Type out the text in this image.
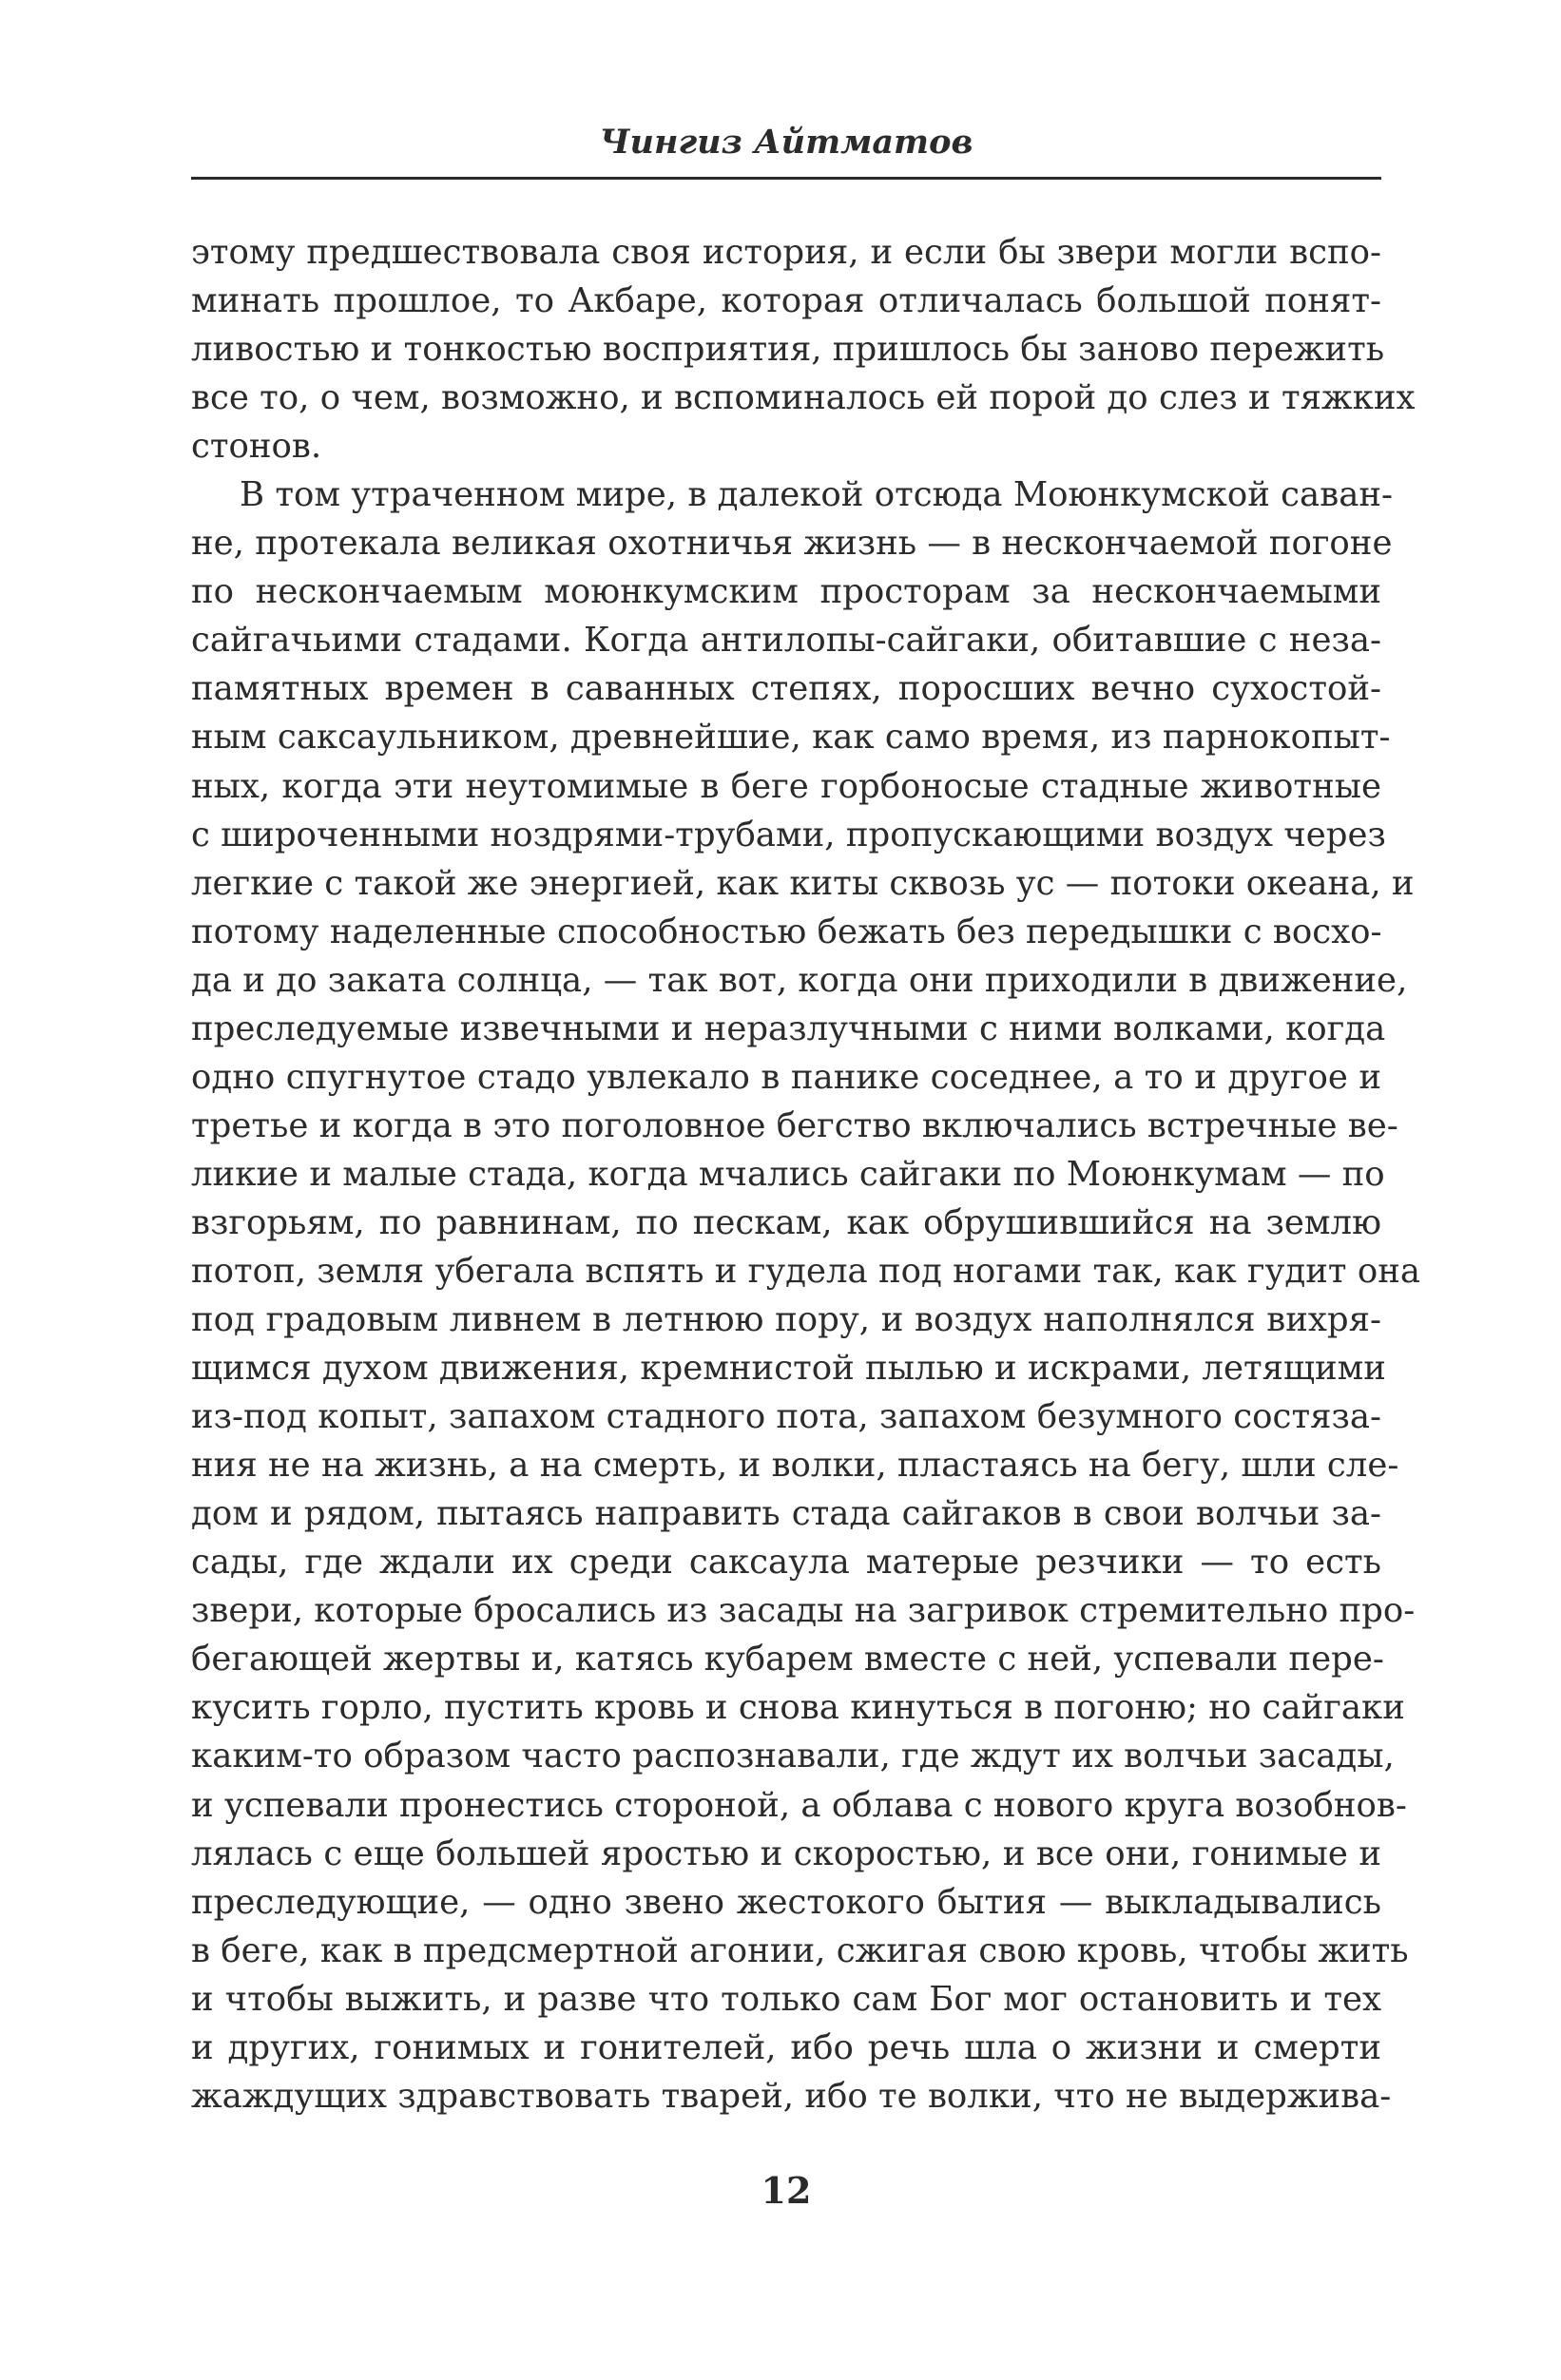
Чингиз Айтматов
этому предшествовала своя история, и если бы звери могли вспо-
минать прошлое, то Акбаре, которая отличалась большой понят-
ливостью и тонкостью восприятия, пришлось бы заново пережить
все то, о чем, возможно, и вспоминалось ей порой до слез и тяжких
стонов.
В том утраченном мире, в далекой отсюда Моюнкумской саван-
не, протекала великая охотничья жизнь — в нескончаемой погоне
по нескончаемым моюнкумским просторам за нескончаемыми
сайгачьими стадами. Когда антилопы-сайгаки, обитавшие с неза-
памятных времен в саванных степях, поросших вечно сухостой-
ным саксаульником, древнейшие, как само время, из парнокопыт-
ных, когда эти неутомимые в беге горбоносые стадные животные
с широченными ноздрями-трубами, пропускающими воздух через
легкие с такой же энергией, как киты сквозь ус — потоки океана, и
потому наделенные способностью бежать без передышки с восхо-
да и до заката солнца, — так вот, когда они приходили в движение,
преследуемые извечными и неразлучными с ними волками, когда
одно спугнутое стадо увлекало в панике соседнее, а то и другое и
третье и когда в это поголовное бегство включались встречные ве-
ликие и малые стада, когда мчались сайгаки по Моюнкумам — по
взгорьям, по равнинам, по пескам, как обрушившийся на землю
потоп, земля убегала вспять и гудела под ногами так, как гудит она
под градовым ливнем в летнюю пору, и воздух наполнялся вихря-
щимся духом движения, кремнистой пылью и искрами, летящими
из-под копыт, запахом стадного пота, запахом безумного состяза-
ния не на жизнь, а на смерть, и волки, пластаясь на бегу, шли сле-
дом и рядом, пытаясь направить стада сайгаков в свои волчьи за-
сады, где ждали их среди саксаула матерые резчики — то есть
звери, которые бросались из засады на загривок стремительно про-
бегающей жертвы и, катясь кубарем вместе с ней, успевали пере-
кусить горло, пустить кровь и снова кинуться в погоню; но сайгаки
каким-то образом часто распознавали, где ждут их волчьи засады,
и успевали пронестись стороной, а облава с нового круга возобнов-
лялась с еще большей яростью и скоростью, и все они, гонимые и
преследующие, — одно звено жестокого бытия — выкладывались
в беге, как в предсмертной агонии, сжигая свою кровь, чтобы жить
и чтобы выжить, и разве что только сам Бог мог остановить и тех
и других, гонимых и гонителей, ибо речь шла о жизни и смерти
жаждущих здравствовать тварей, ибо те волки, что не выдержива-
12
